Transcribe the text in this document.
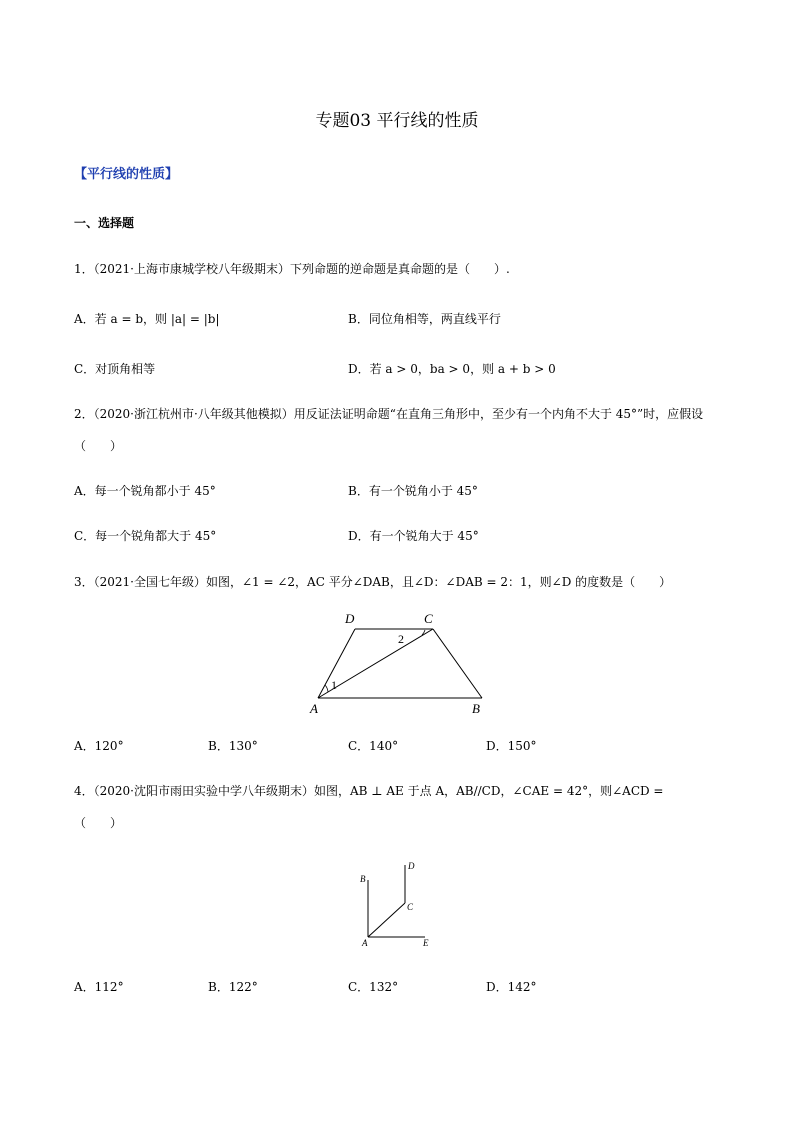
专题03 平行线的性质
【平行线的性质】
一、选择题
1．（2021·上海市康城学校八年级期末）下列命题的逆命题是真命题的是（　　）.
A．若 a = b，则 |a| = |b|	B．同位角相等，两直线平行
C．对顶角相等	D．若 a > 0，ba > 0，则 a + b > 0
2．（2020·浙江杭州市·八年级其他模拟）用反证法证明命题“在直角三角形中，至少有一个内角不大于 45°”时，应假设
（　　）
A．每一个锐角都小于 45°	B．有一个锐角小于 45°
C．每一个锐角都大于 45°	D．有一个锐角大于 45°
3．（2021·全国七年级）如图，∠1 = ∠2，AC 平分∠DAB，且∠D：∠DAB = 2：1，则∠D 的度数是（　　）
D	C
A	B
1
2
A．120°	B．130°	C．140°	D．150°
4．（2020·沈阳市雨田实验中学八年级期末）如图，AB ⊥ AE 于点 A，AB//CD，∠CAE = 42°，则∠ACD =
（　　）
B
D
C
A	E
A．112°	B．122°	C．132°	D．142°
